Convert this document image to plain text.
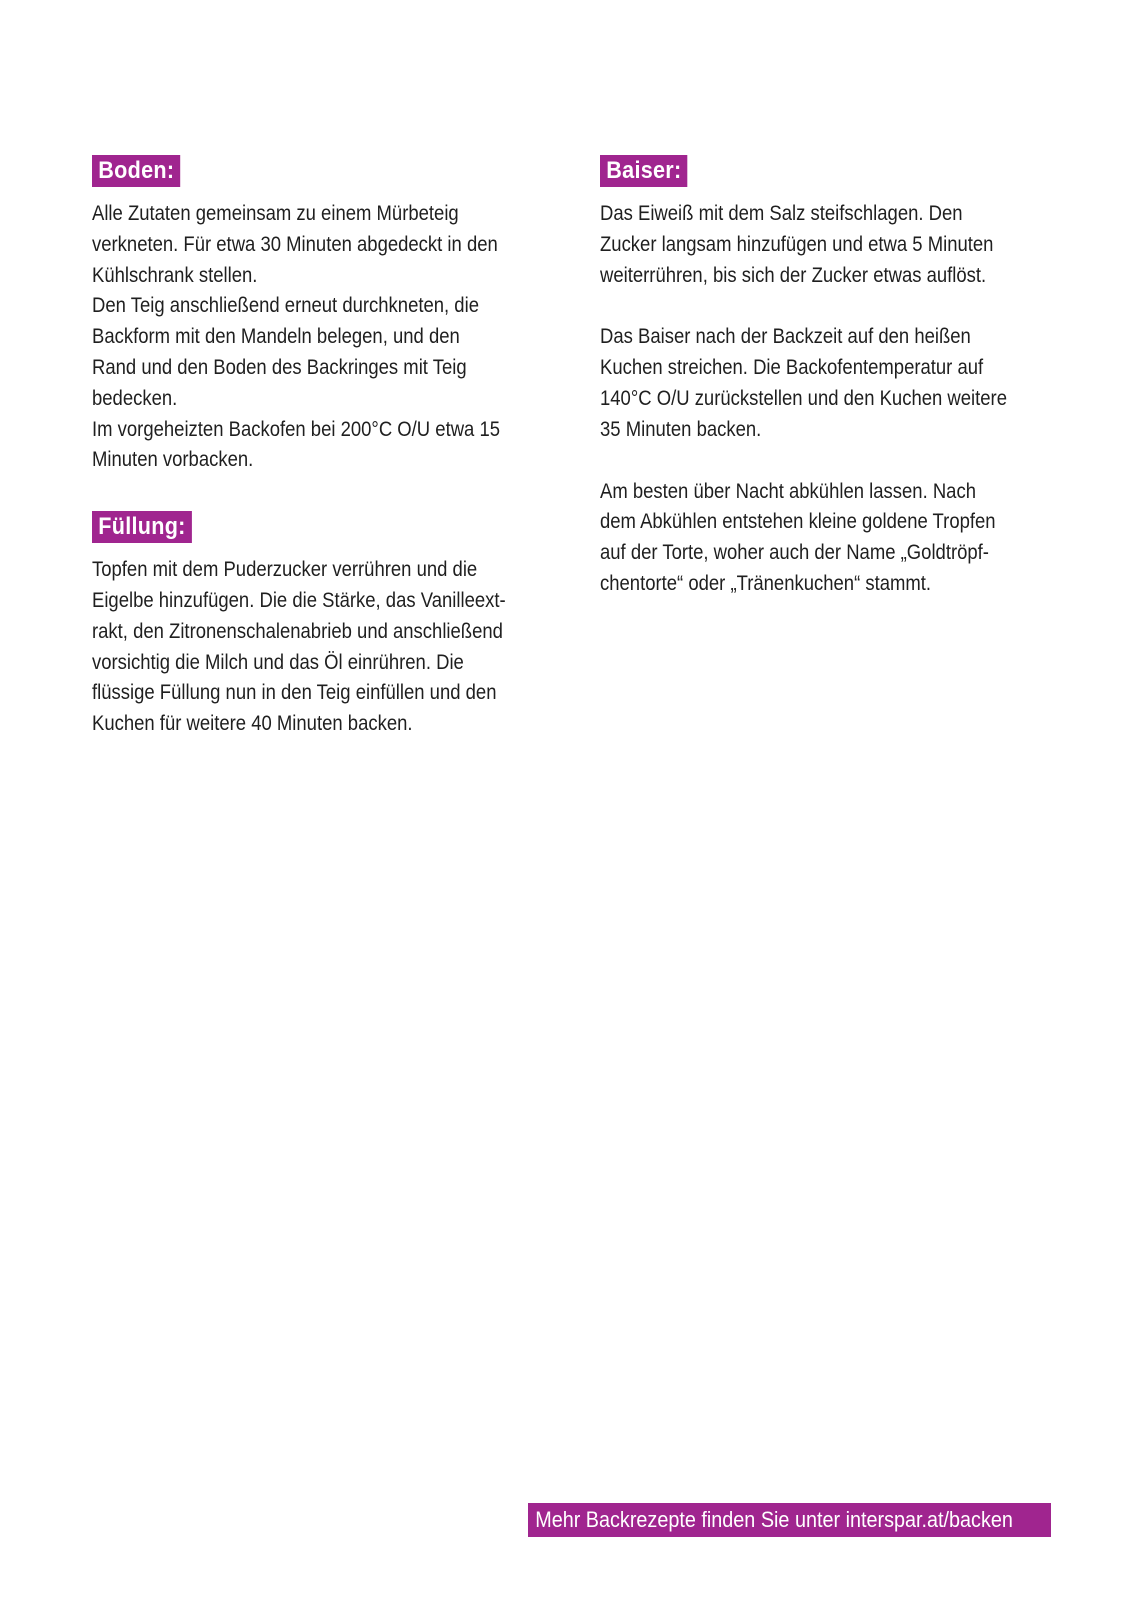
Boden:
Alle Zutaten gemeinsam zu einem Mürbeteig
verkneten. Für etwa 30 Minuten abgedeckt in den
Kühlschrank stellen.
Den Teig anschließend erneut durchkneten, die
Backform mit den Mandeln belegen, und den
Rand und den Boden des Backringes mit Teig
bedecken.
Im vorgeheizten Backofen bei 200°C O/U etwa 15
Minuten vorbacken.
Füllung:
Topfen mit dem Puderzucker verrühren und die
Eigelbe hinzufügen. Die die Stärke, das Vanilleext-
rakt, den Zitronenschalenabrieb und anschließend
vorsichtig die Milch und das Öl einrühren. Die
flüssige Füllung nun in den Teig einfüllen und den
Kuchen für weitere 40 Minuten backen.
Baiser:
Das Eiweiß mit dem Salz steifschlagen. Den
Zucker langsam hinzufügen und etwa 5 Minuten
weiterrühren, bis sich der Zucker etwas auflöst.
Das Baiser nach der Backzeit auf den heißen
Kuchen streichen. Die Backofentemperatur auf
140°C O/U zurückstellen und den Kuchen weitere
35 Minuten backen.
Am besten über Nacht abkühlen lassen. Nach
dem Abkühlen entstehen kleine goldene Tropfen
auf der Torte, woher auch der Name „Goldtröpf-
chentorte“ oder „Tränenkuchen“ stammt.
Mehr Backrezepte finden Sie unter interspar.at/backen
